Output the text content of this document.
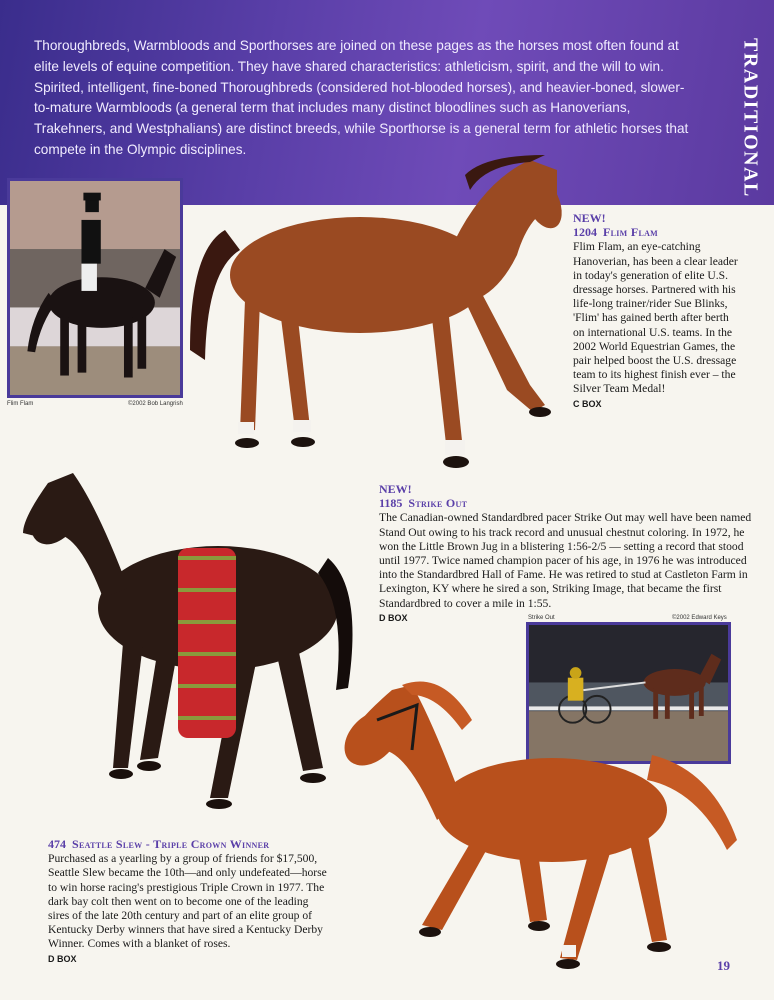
Thoroughbreds, Warmbloods and Sporthorses are joined on these pages as the horses most often found at elite levels of equine competition. They have shared characteristics: athleticism, spirit, and the will to win. Spirited, intelligent, fine-boned Thoroughbreds (considered hot-blooded horses), and heavier-boned, slower-to-mature Warmbloods (a general term that includes many distinct bloodlines such as Hanoverians, Trakehners, and Westphalians) are distinct breeds, while Sporthorse is a general term for athletic horses that compete in the Olympic disciplines.	TRADITIONAL
Flim Flam	©2002 Bob Langrish
NEW!
1204 Flim Flam
Flim Flam, an eye-catching Hanoverian, has been a clear leader in today's generation of elite U.S. dressage horses. Partnered with his life-long trainer/rider Sue Blinks, 'Flim' has gained berth after berth on international U.S. teams. In the 2002 World Equestrian Games, the pair helped boost the U.S. dressage team to its highest finish ever – the Silver Team Medal!
C BOX
NEW!
1185 Strike Out
The Canadian-owned Standardbred pacer Strike Out may well have been named Stand Out owing to his track record and unusual chestnut coloring. In 1972, he won the Little Brown Jug in a blistering 1:56-2/5 — setting a record that stood until 1977. Twice named champion pacer of his age, in 1976 he was introduced into the Standardbred Hall of Fame. He was retired to stud at Castleton Farm in Lexington, KY where he sired a son, Striking Image, that became the first Standardbred to cover a mile in 1:55.
D BOX	Strike Out	©2002 Edward Keys
474 Seattle Slew - Triple Crown Winner
Purchased as a yearling by a group of friends for $17,500, Seattle Slew became the 10th—and only undefeated—horse to win horse racing's prestigious Triple Crown in 1977. The dark bay colt then went on to become one of the leading sires of the late 20th century and part of an elite group of Kentucky Derby winners that have sired a Kentucky Derby Winner. Comes with a blanket of roses.
D BOX	19
